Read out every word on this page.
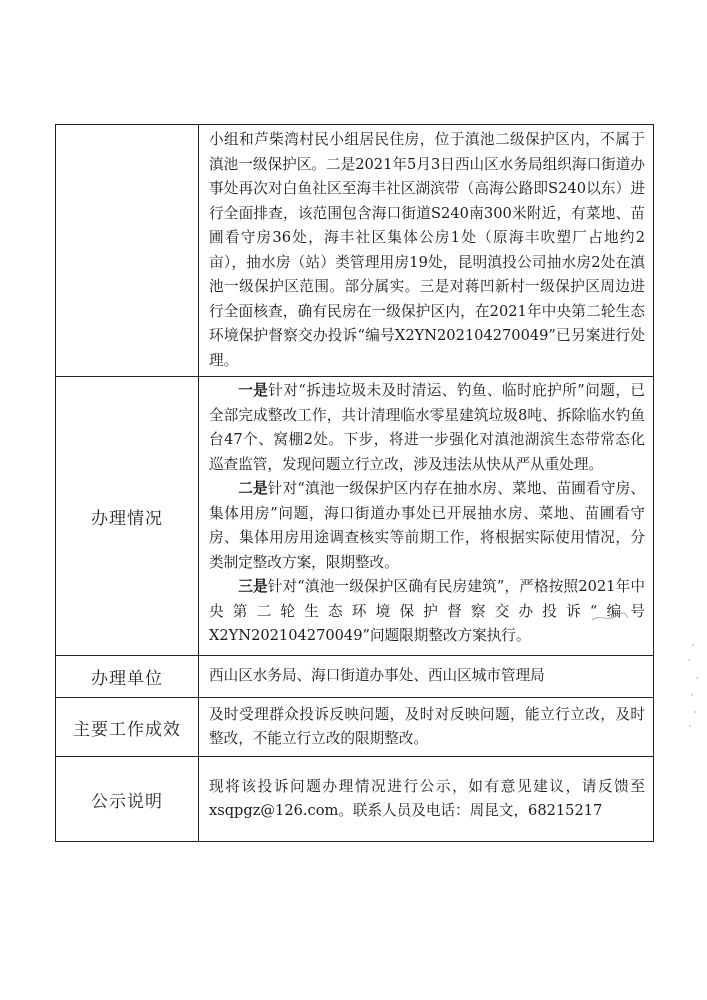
	小组和芦柴湾村民小组居民住房，位于滇池二级保护区内，不属于滇池一级保护区。二是2021年5月3日西山区水务局组织海口街道办事处再次对白鱼社区至海丰社区湖滨带（高海公路即S240以东）进行全面排查，该范围包含海口街道S240南300米附近，有菜地、苗圃看守房36处，海丰社区集体公房1处（原海丰吹塑厂占地约2亩），抽水房（站）类管理用房19处，昆明滇投公司抽水房2处在滇池一级保护区范围。部分属实。三是对蒋凹新村一级保护区周边进行全面核查，确有民房在一级保护区内，在2021年中央第二轮生态环境保护督察交办投诉“编号X2YN202104270049”已另案进行处理。

办理情况	一是针对“拆违垃圾未及时清运、钓鱼、临时庇护所”问题，已全部完成整改工作，共计清理临水零星建筑垃圾8吨、拆除临水钓鱼台47个、窝棚2处。下步，将进一步强化对滇池湖滨生态带常态化巡查监管，发现问题立行立改，涉及违法从快从严从重处理。

二是针对“滇池一级保护区内存在抽水房、菜地、苗圃看守房、集体用房”问题，海口街道办事处已开展抽水房、菜地、苗圃看守房、集体用房用途调查核实等前期工作，将根据实际使用情况，分类制定整改方案，限期整改。

三是针对“滇池一级保护区确有民房建筑”，严格按照2021年中央第二轮生态环境保护督察交办投诉“编号X2YN202104270049”问题限期整改方案执行。

办理单位	西山区水务局、海口街道办事处、西山区城市管理局
主要工作成效	及时受理群众投诉反映问题，及时对反映问题，能立行立改，及时整改，不能立行立改的限期整改。
公示说明	现将该投诉问题办理情况进行公示，如有意见建议，请反馈至xsqpgz@126.com。联系人员及电话：周昆文，68215217
